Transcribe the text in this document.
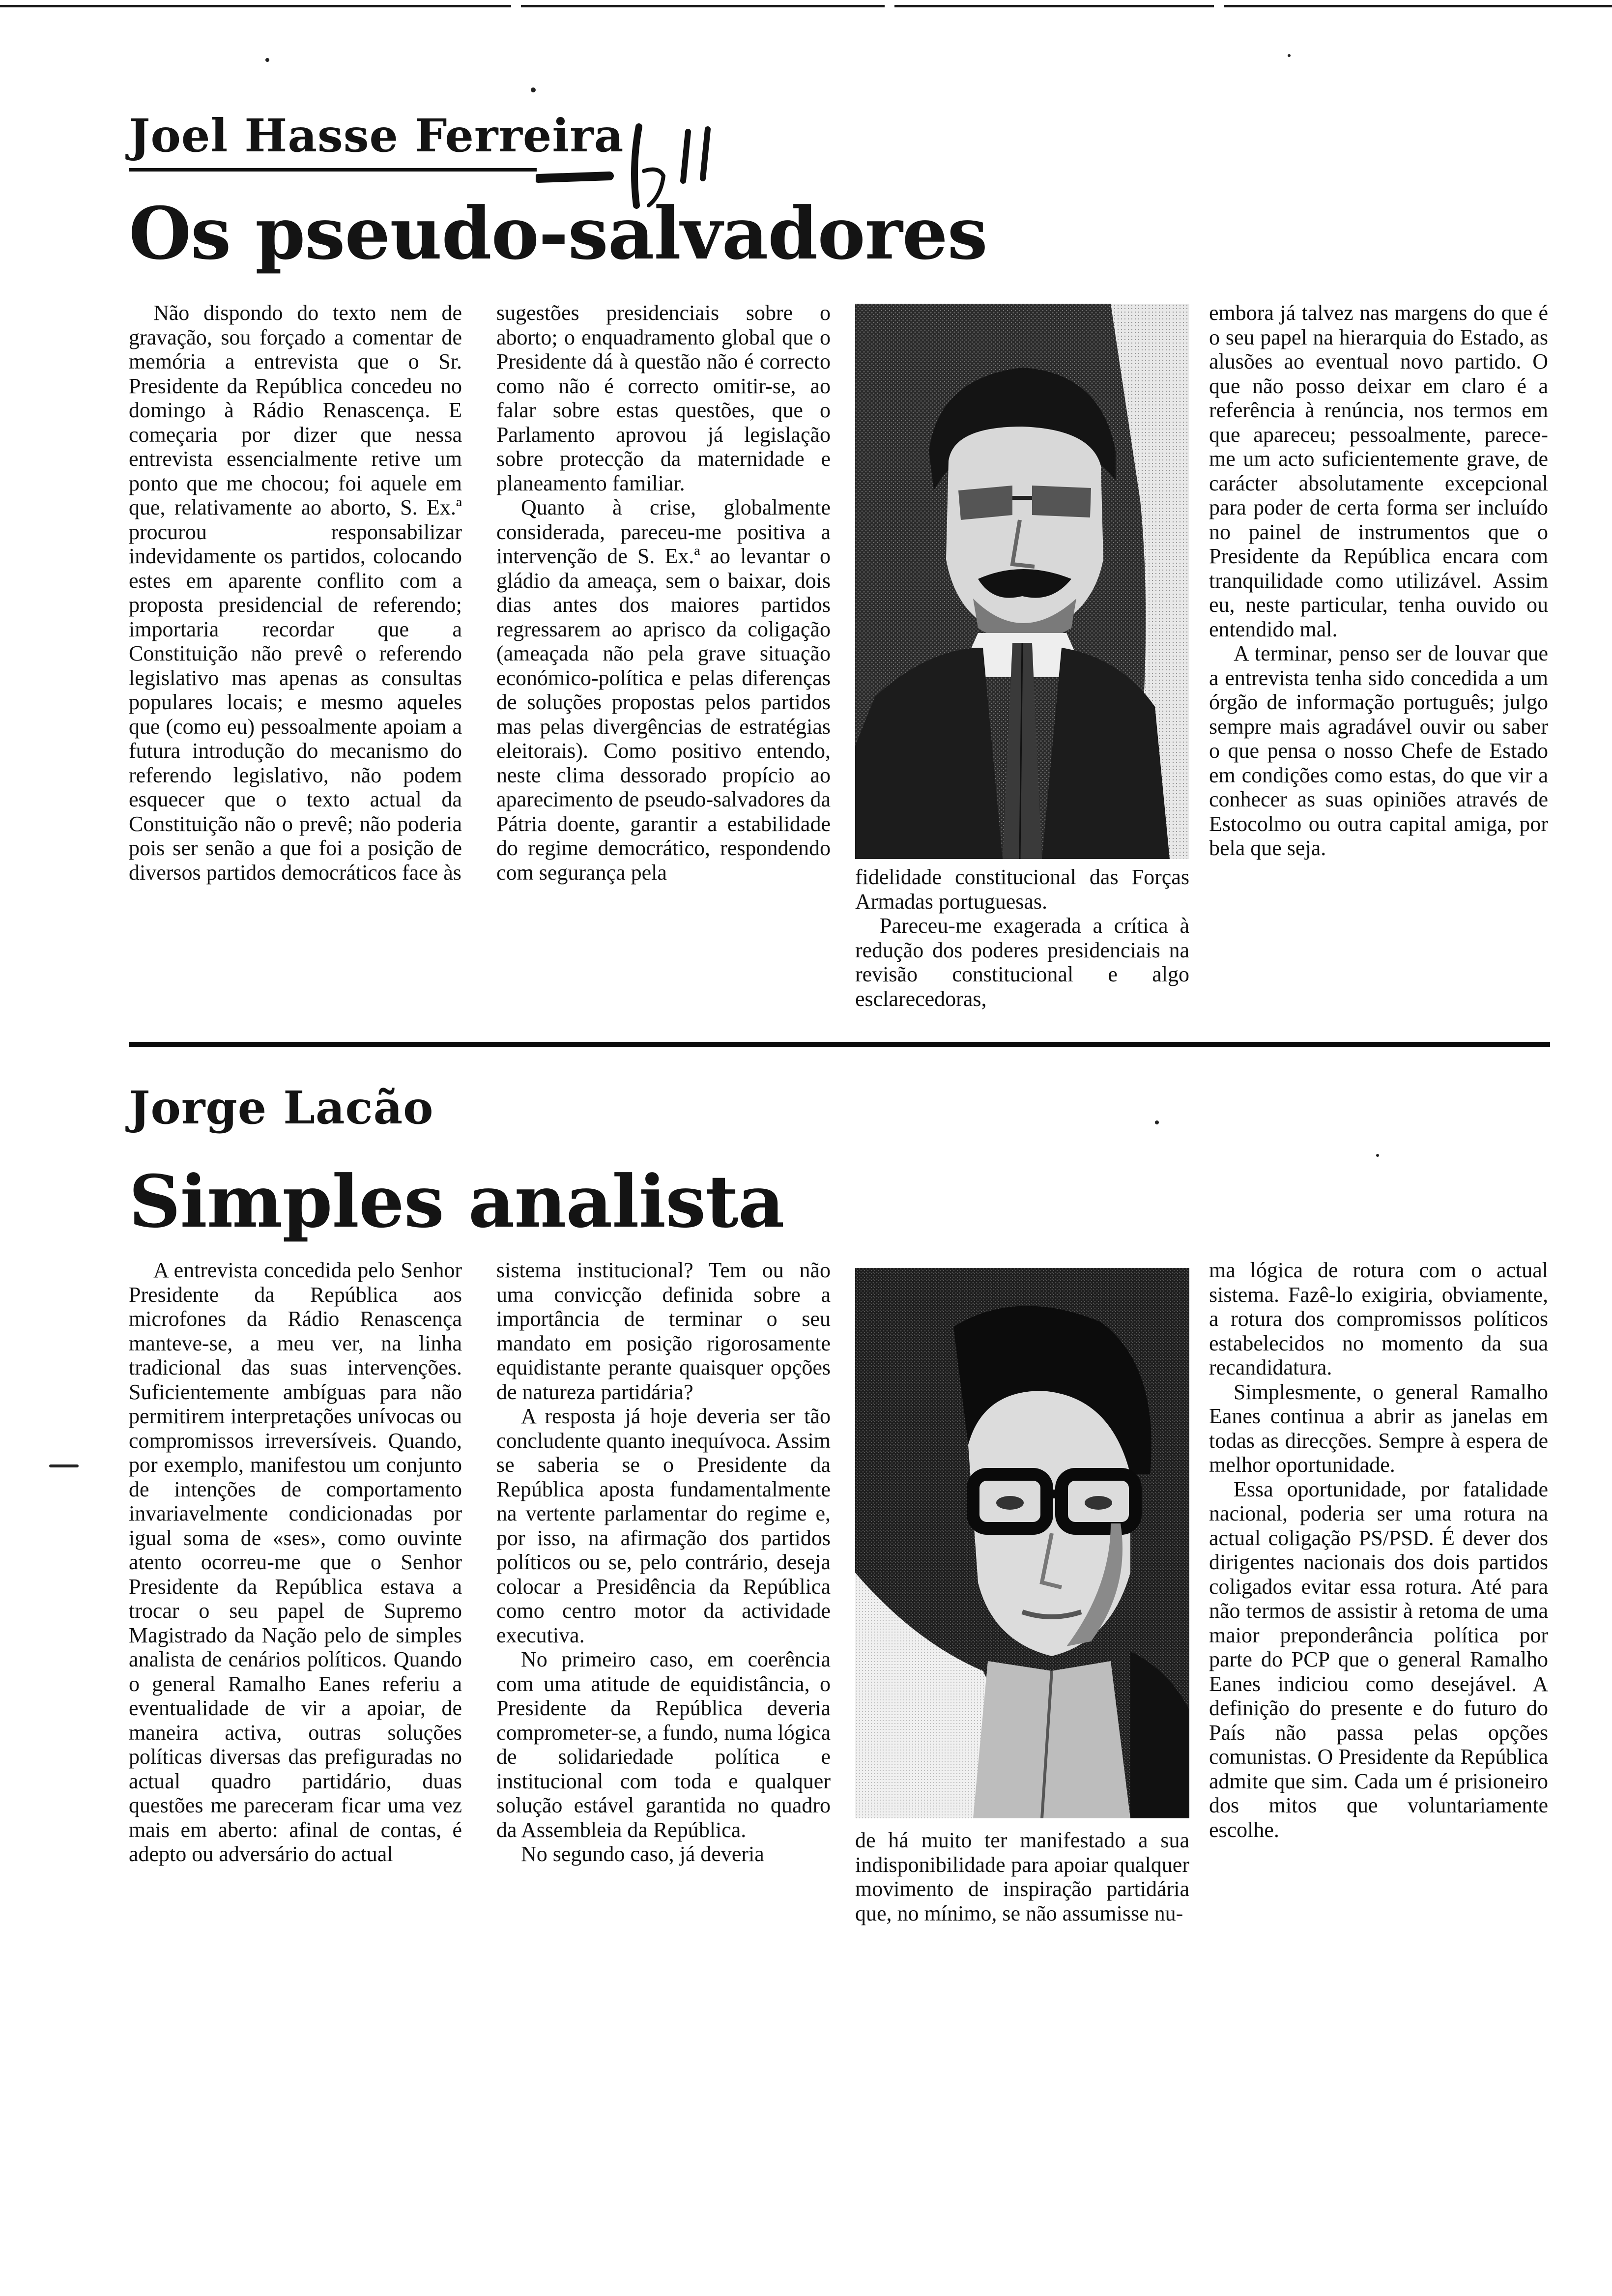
Joel Hasse Ferreira
Os pseudo-salvadores

Não dispondo do texto nem de gravação, sou forçado a comentar de memória a entrevista que o Sr. Presidente da República concedeu no domingo à Rádio Renascença. E começaria por dizer que nessa entrevista essencialmente retive um ponto que me chocou; foi aquele em que, relativamente ao aborto, S. Ex.ª procurou responsabilizar indevidamente os partidos, colocando estes em aparente conflito com a proposta presidencial de referendo; importaria recordar que a Constituição não prevê o referendo legislativo mas apenas as consultas populares locais; e mesmo aqueles que (como eu) pessoalmente apoiam a futura introdução do mecanismo do referendo legislativo, não podem esquecer que o texto actual da Constituição não o prevê; não poderia pois ser senão a que foi a posição de diversos partidos democráticos face às

sugestões presidenciais sobre o aborto; o enquadramento global que o Presidente dá à questão não é correcto como não é correcto omitir-se, ao falar sobre estas questões, que o Parlamento aprovou já legislação sobre protecção da maternidade e planeamento familiar.

Quanto à crise, globalmente considerada, pareceu-me positiva a intervenção de S. Ex.ª ao levantar o gládio da ameaça, sem o baixar, dois dias antes dos maiores partidos regressarem ao aprisco da coligação (ameaçada não pela grave situação económico-política e pelas diferenças de soluções propostas pelos partidos mas pelas divergências de estratégias eleitorais). Como positivo entendo, neste clima dessorado propício ao aparecimento de pseudo-salvadores da Pátria doente, garantir a estabilidade do regime democrático, respondendo com segurança pela	fidelidade constitucional das Forças Armadas portuguesas.

Pareceu-me exagerada a crítica à redução dos poderes presidenciais na revisão constitucional e algo esclarecedoras,

embora já talvez nas margens do que é o seu papel na hierarquia do Estado, as alusões ao eventual novo partido. O que não posso deixar em claro é a referência à renúncia, nos termos em que apareceu; pessoalmente, parece-me um acto suficientemente grave, de carácter absolutamente excepcional para poder de certa forma ser incluído no painel de instrumentos que o Presidente da República encara com tranquilidade como utilizável. Assim eu, neste particular, tenha ouvido ou entendido mal.

A terminar, penso ser de louvar que a entrevista tenha sido concedida a um órgão de informação português; julgo sempre mais agradável ouvir ou saber o que pensa o nosso Chefe de Estado em condições como estas, do que vir a conhecer as suas opiniões através de Estocolmo ou outra capital amiga, por bela que seja.

Jorge Lacão
Simples analista

A entrevista concedida pelo Senhor Presidente da República aos microfones da Rádio Renascença manteve-se, a meu ver, na linha tradicional das suas intervenções. Suficientemente ambíguas para não permitirem interpretações unívocas ou compromissos irreversíveis. Quando, por exemplo, manifestou um conjunto de intenções de comportamento invariavelmente condicionadas por igual soma de «ses», como ouvinte atento ocorreu-me que o Senhor Presidente da República estava a trocar o seu papel de Supremo Magistrado da Nação pelo de simples analista de cenários políticos. Quando o general Ramalho Eanes referiu a eventualidade de vir a apoiar, de maneira activa, outras soluções políticas diversas das prefiguradas no actual quadro partidário, duas questões me pareceram ficar uma vez mais em aberto: afinal de contas, é adepto ou adversário do actual

sistema institucional? Tem ou não uma convicção definida sobre a importância de terminar o seu mandato em posição rigorosamente equidistante perante quaisquer opções de natureza partidária?

A resposta já hoje deveria ser tão concludente quanto inequívoca. Assim se saberia se o Presidente da República aposta fundamentalmente na vertente parlamentar do regime e, por isso, na afirmação dos partidos políticos ou se, pelo contrário, deseja colocar a Presidência da República como centro motor da actividade executiva.

No primeiro caso, em coerência com uma atitude de equidistância, o Presidente da República deveria comprometer-se, a fundo, numa lógica de solidariedade política e institucional com toda e qualquer solução estável garantida no quadro da Assembleia da República.

No segundo caso, já deveria

de há muito ter manifestado a sua indisponibilidade para apoiar qualquer movimento de inspiração partidária que, no mínimo, se não assumisse nu-

ma lógica de rotura com o actual sistema. Fazê-lo exigiria, obviamente, a rotura dos compromissos políticos estabelecidos no momento da sua recandidatura.

Simplesmente, o general Ramalho Eanes continua a abrir as janelas em todas as direcções. Sempre à espera de melhor oportunidade.

Essa oportunidade, por fatalidade nacional, poderia ser uma rotura na actual coligação PS/PSD. É dever dos dirigentes nacionais dos dois partidos coligados evitar essa rotura. Até para não termos de assistir à retoma de uma maior preponderância política por parte do PCP que o general Ramalho Eanes indiciou como desejável. A definição do presente e do futuro do País não passa pelas opções comunistas. O Presidente da República admite que sim. Cada um é prisioneiro dos mitos que voluntariamente escolhe.
